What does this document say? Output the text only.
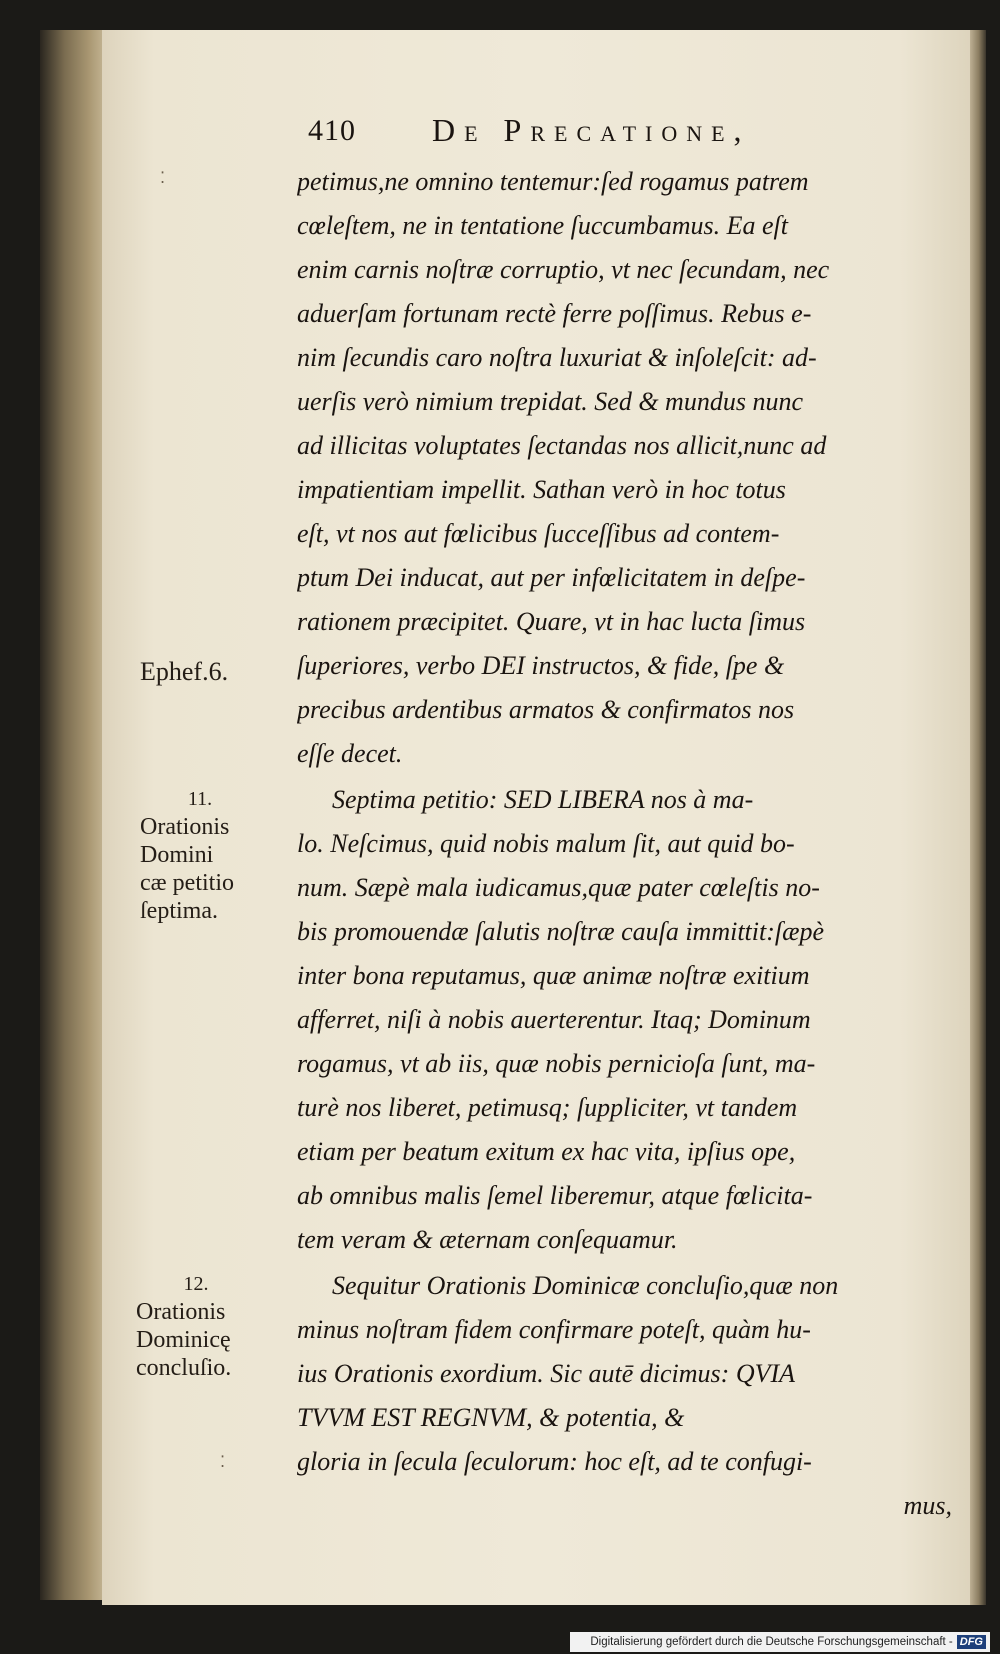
410 De Precatione,
⁚	petimus,ne omnino tentemur:ſed rogamus patrem
cœleſtem, ne in tentatione ſuccumbamus. Ea eſt
enim carnis noſtræ corruptio, vt nec ſecundam, nec
aduerſam fortunam rectè ferre poſſimus. Rebus e-
nim ſecundis caro noſtra luxuriat & inſoleſcit: ad-
uerſis verò nimium trepidat. Sed & mundus nunc
ad illicitas voluptates ſectandas nos allicit,nunc ad
impatientiam impellit. Sathan verò in hoc totus
eſt, vt nos aut fœlicibus ſucceſſibus ad contem-
ptum Dei inducat, aut per infœlicitatem in deſpe-
rationem præcipitet. Quare, vt in hac lucta ſimus
ſuperiores, verbo DEI instructos, & fide, ſpe &
precibus ardentibus armatos & confirmatos nos
eſſe decet.
Septima petitio: SED LIBERA nos à ma-
lo. Neſcimus, quid nobis malum ſit, aut quid bo-
num. Sæpè mala iudicamus,quæ pater cœleſtis no-
bis promouendæ ſalutis noſtræ cauſa immittit:ſæpè
inter bona reputamus, quæ animæ noſtræ exitium
afferret, niſi à nobis auerterentur. Itaq; Dominum
rogamus, vt ab iis, quæ nobis pernicioſa ſunt, ma-
turè nos liberet, petimusq; ſuppliciter, vt tandem
etiam per beatum exitum ex hac vita, ipſius ope,
ab omnibus malis ſemel liberemur, atque fœlicita-
tem veram & æternam conſequamur.
Sequitur Orationis Dominicæ concluſio,quæ non
minus noſtram fidem confirmare poteſt, quàm hu-
ius Orationis exordium. Sic autē dicimus: QVIA
TVVM EST REGNVM, & potentia, &
gloria in ſecula ſeculorum: hoc eſt, ad te confugi-
mus,
Ephef.6.
11.
Orationis
Domini
cæ petitio
ſeptima.
12.
Orationis
Dominicę
concluſio.
⁚
Digitalisierung gefördert durch die Deutsche Forschungsgemeinschaft - DFG
